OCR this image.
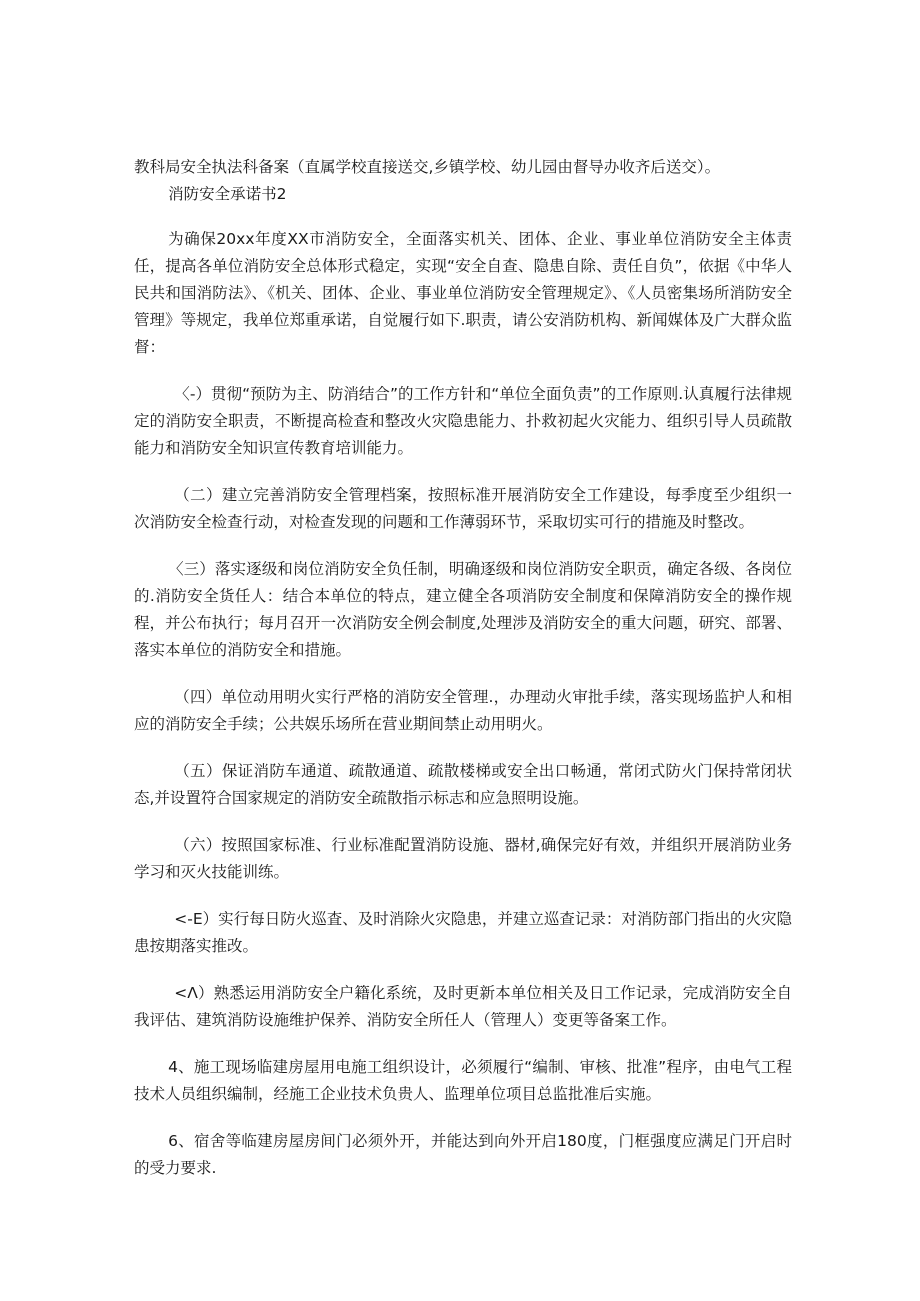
教科局安全执法科备案（直属学校直接送交,乡镇学校、幼儿园由督导办收齐后送交）。

消防安全承诺书2

为确保20xx年度XX市消防安全，全面落实机关、团体、企业、事业单位消防安全主体责任，提高各单位消防安全总体形式稳定，实现“安全自查、隐患自除、责任自负”，依据《中华人民共和国消防法》、《机关、团体、企业、事业单位消防安全管理规定》、《人员密集场所消防安全管理》等规定，我单位郑重承诺，自觉履行如下.职责，请公安消防机构、新闻媒体及广大群众监督：

〈-）贯彻“预防为主、防消结合”的工作方针和“单位全面负责”的工作原则.认真履行法律规定的消防安全职责，不断提高检查和整改火灾隐患能力、扑救初起火灾能力、组织引导人员疏散能力和消防安全知识宣传教育培训能力。

（二）建立完善消防安全管理档案，按照标准开展消防安全工作建设，每季度至少组织一次消防安全检查行动，对检查发现的问题和工作薄弱环节，采取切实可行的措施及时整改。

〈三）落实逐级和岗位消防安全负任制，明确逐级和岗位消防安全职贡，确定各级、各岗位的.消防安全货任人：结合本单位的特点，建立健全各项消防安全制度和保障消防安全的操作规程，并公布执行；每月召开一次消防安全例会制度,处理涉及消防安全的重大问题，研究、部署、落实本单位的消防安全和措施。

（四）单位动用明火实行严格的消防安全管理.，办理动火审批手续，落实现场监护人和相应的消防安全手续；公共娱乐场所在营业期间禁止动用明火。

（五）保证消防车通道、疏散通道、疏散楼梯或安全出口畅通，常闭式防火门保持常闭状态,并设置符合国家规定的消防安全疏散指示标志和应急照明设施。

（六）按照国家标准、行业标准配置消防设施、器材,确保完好有效，并组织开展消防业务学习和灭火技能训练。

<-E）实行每日防火巡査、及时消除火灾隐患，并建立巡查记录：对消防部门指出的火灾隐患按期落实推改。

<Λ）熟悉运用消防安全户籍化系统，及时更新本单位相关及日工作记录，完成消防安全自我评估、建筑消防设施维护保养、消防安全所任人（管理人）变更等备案工作。

4、施工现场临建房屋用电施工组织设计，必须履行“编制、审核、批准”程序，由电气工程技术人员组织编制，经施工企业技术负贵人、监理单位项目总监批准后实施。

6、宿舍等临建房屋房间门必须外开，并能达到向外开启180度，门框强度应满足门开启时的受力要求.
